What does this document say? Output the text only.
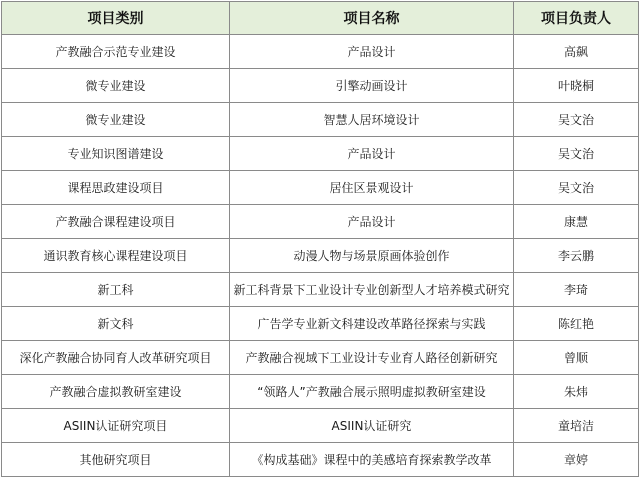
项目类别	项目名称	项目负责人
产教融合示范专业建设	产品设计	高飙
微专业建设	引擎动画设计	叶晓桐
微专业建设	智慧人居环境设计	吴文治
专业知识图谱建设	产品设计	吴文治
课程思政建设项目	居住区景观设计	吴文治
产教融合课程建设项目	产品设计	康慧
通识教育核心课程建设项目	动漫人物与场景原画体验创作	李云鹏
新工科	新工科背景下工业设计专业创新型人才培养模式研究	李琦
新文科	广告学专业新文科建设改革路径探索与实践	陈红艳
深化产教融合协同育人改革研究项目	产教融合视域下工业设计专业育人路径创新研究	曾顺
产教融合虚拟教研室建设	“领路人”产教融合展示照明虚拟教研室建设	朱炜
ASIIN认证研究项目	ASIIN认证研究	童培洁
其他研究项目	《构成基础》课程中的美感培育探索教学改革	章婷
